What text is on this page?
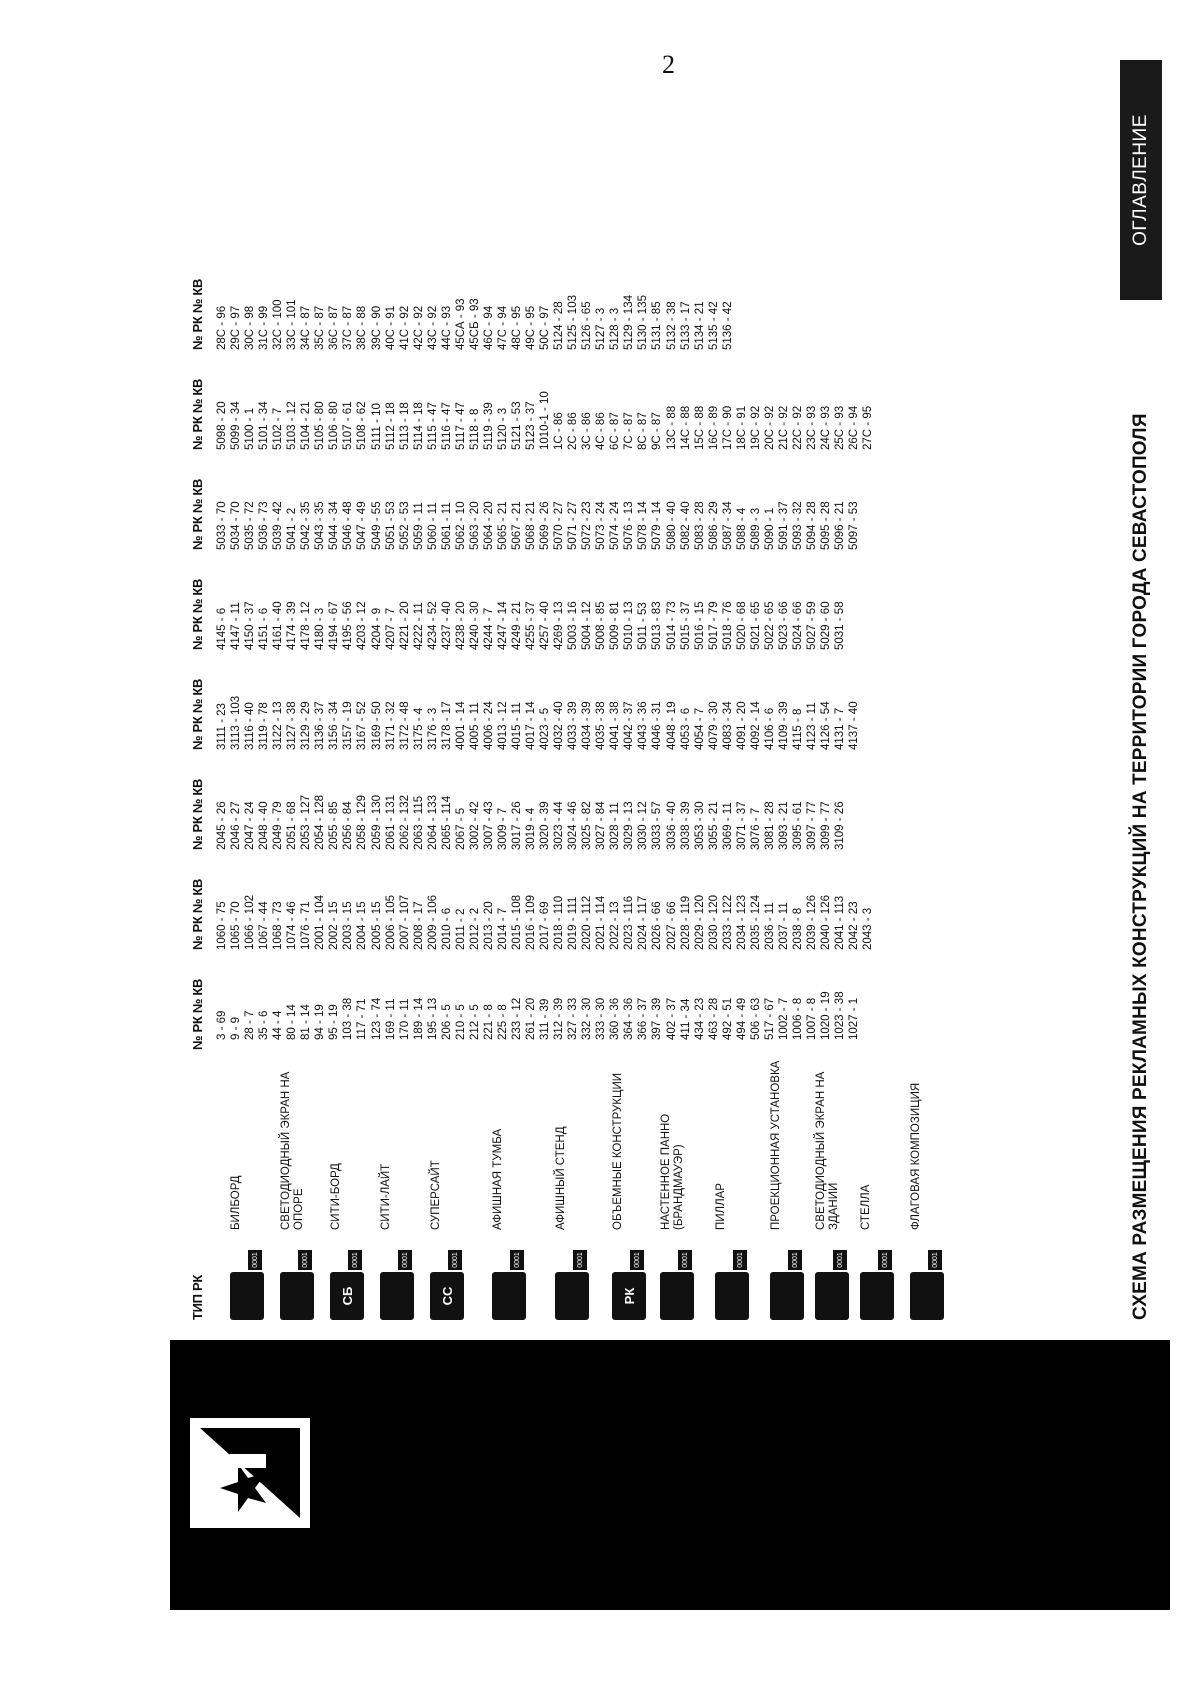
2
ТИП РК
№ РК № КВ
№ РК № КВ
№ РК № КВ
№ РК № КВ
№ РК № КВ
№ РК № КВ
№ РК № КВ
№ РК № КВ
0001
БИЛБОРД
0001
СВЕТОДИОДНЫЙ ЭКРАН НА ОПОРЕ
СБ
0001
СИТИ-БОРД
0001
СИТИ-ЛАЙТ
СС
0001
СУПЕРСАЙТ
0001
АФИШНАЯ ТУМБА
0001
АФИШНЫЙ СТЕНД
РК
0001
ОБЪЕМНЫЕ КОНСТРУКЦИИ
0001
НАСТЕННОЕ ПАННО (БРАНДМАУЭР)
0001
ПИЛЛАР
0001
ПРОЕКЦИОННАЯ УСТАНОВКА
0001
СВЕТОДИОДНЫЙ ЭКРАН НА ЗДАНИИ
0001
СТЕЛЛА
0001
ФЛАГОВАЯ КОМПОЗИЦИЯ
3 - 69 9 - 9 28 - 7 35 - 6 44 - 4 80 - 14 81 - 14 94 - 19 95 - 19 103 - 38 117 - 71 123 - 74 169 - 11 170 - 11 189 - 14 195 - 13 206 - 5 210 - 5 212 - 5 221 - 8 225 - 8 233 - 12 261 - 20 311 - 39 312 - 39 327 - 33 332 - 30 333 - 30 360 - 36 364 - 36 366 - 37 397 - 39 402 - 37 411 - 34 434 - 23 463 - 28 492 - 51 494 - 49 506 - 63 517 - 67 1002 - 7 1006 - 8 1007 - 8 1020 - 19 1023 - 38 1027 - 1
1060 - 75 1065 - 70 1066 - 102 1067 - 44 1068 - 73 1074 - 46 1076 - 71 2001 - 104 2002 - 15 2003 - 15 2004 - 15 2005 - 15 2006 - 105 2007 - 107 2008 - 17 2009 - 106 2010 - 6 2011 - 2 2012 - 2 2013 - 20 2014 - 7 2015 - 108 2016 - 109 2017 - 69 2018 - 110 2019 - 111 2020 - 112 2021 - 114 2022 - 13 2023 - 116 2024 - 117 2026 - 66 2027 - 66 2028 - 119 2029 - 120 2030 - 120 2033 - 122 2034 - 123 2035 - 124 2036 - 11 2037 - 11 2038 - 8 2039 - 126 2040 - 126 2041 - 113 2042 - 23 2043 - 3
2045 - 26 2046 - 27 2047 - 24 2048 - 40 2049 - 79 2051 - 68 2053 - 127 2054 - 128 2055 - 85 2056 - 84 2058 - 129 2059 - 130 2061 - 131 2062 - 132 2063 - 115 2064 - 133 2065 - 114 2067 - 5 3002 - 42 3007 - 43 3009 - 7 3017 - 26 3019 - 4 3020 - 39 3023 - 44 3024 - 46 3025 - 82 3027 - 84 3028 - 11 3029 - 13 3030 - 12 3033 - 57 3036 - 40 3038 - 39 3053 - 30 3055 - 21 3069 - 11 3071 - 37 3076 - 7 3081 - 28 3093 - 21 3095 - 61 3097 - 77 3099 - 77 3109 - 26
3111 - 23 3113 - 103 3116 - 40 3119 - 78 3122 - 13 3127 - 38 3129 - 29 3136 - 37 3156 - 34 3157 - 19 3167 - 52 3169 - 50 3171 - 32 3172 - 48 3175 - 4 3176 - 3 3178 - 17 4001 - 14 4005 - 11 4006 - 24 4013 - 12 4015 - 11 4017 - 14 4023 - 5 4032 - 40 4033 - 39 4034 - 39 4035 - 38 4041 - 38 4042 - 37 4043 - 36 4046 - 31 4048 - 19 4053 - 6 4054 - 7 4079 - 30 4083 - 34 4091 - 20 4092 - 14 4106 - 6 4109 - 39 4115 - 8 4123 - 11 4126 - 54 4131 - 7 4137 - 40
4145 - 6 4147 - 11 4150 - 37 4151 - 6 4161 - 40 4174 - 39 4178 - 12 4180 - 3 4194 - 67 4195 - 56 4203 - 12 4204 - 9 4207 - 7 4221 - 20 4222 - 11 4234 - 52 4237 - 40 4238 - 20 4240 - 30 4244 - 7 4247 - 14 4249 - 21 4255 - 37 4257 - 40 4269 - 13 5003 - 16 5004 - 12 5008 - 85 5009 - 81 5010 - 13 5011 - 53 5013 - 83 5014 - 73 5015 - 37 5016 - 15 5017 - 79 5018 - 76 5020 - 68 5021 - 65 5022 - 65 5023 - 66 5024 - 66 5027 - 59 5029 - 60 5031 - 58
5033 - 70 5034 - 70 5035 - 72 5036 - 73 5039 - 42 5041 - 2 5042 - 35 5043 - 35 5044 - 34 5046 - 48 5047 - 49 5049 - 55 5051 - 53 5052 - 53 5059 - 11 5060 - 11 5061 - 11 5062 - 10 5063 - 20 5064 - 20 5065 - 21 5067 - 21 5068 - 21 5069 - 26 5070 - 27 5071 - 27 5072 - 23 5073 - 24 5074 - 24 5076 - 13 5078 - 14 5079 - 14 5080 - 40 5082 - 40 5083 - 28 5086 - 29 5087 - 34 5088 - 4 5089 - 3 5090 - 1 5091 - 37 5093 - 32 5094 - 28 5095 - 28 5096 - 21 5097 - 53
5098 - 20 5099 - 34 5100 - 1 5101 - 34 5102 - 7 5103 - 12 5104 - 21 5105 - 80 5106 - 80 5107 - 61 5108 - 62 5111 - 10 5112 - 18 5113 - 18 5114 - 18 5115 - 47 5116 - 47 5117 - 47 5118 - 8 5119 - 39 5120 - 3 5121 - 53 5123 - 37 1010-1 - 10 1С - 86 2С - 86 3С - 86 4С - 86 6С - 87 7С - 87 8С - 87 9С - 87 13С - 88 14С - 88 15С - 88 16С - 89 17С - 90 18С - 91 19С - 92 20С - 92 21С - 92 22С - 92 23С - 93 24С - 93 25С - 93 26С - 94 27С - 95
28С - 96 29С - 97 30С - 98 31С - 99 32С - 100 33С - 101 34С - 87 35С - 87 36С - 87 37С - 87 38С - 88 39С - 90 40С - 91 41С - 92 42С - 92 43С - 92 44С - 93 45СА - 93 45СБ - 93 46С - 94 47С - 94 48С - 95 49С - 95 50С - 97 5124 - 28 5125 - 103 5126 - 65 5127 - 3 5128 - 3 5129 - 134 5130 - 135 5131 - 85 5132 - 38 5133 - 17 5134 - 21 5135 - 42 5136 - 42
СХЕМА РАЗМЕЩЕНИЯ РЕКЛАМНЫХ КОНСТРУКЦИЙ НА ТЕРРИТОРИИ ГОРОДА СЕВАСТОПОЛЯ
ОГЛАВЛЕНИЕ
